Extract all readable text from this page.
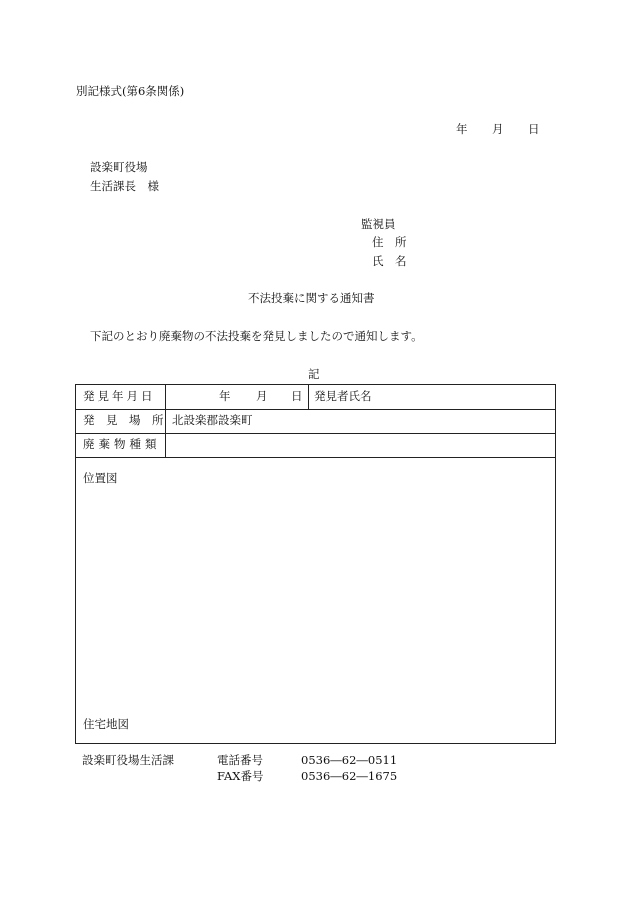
別記様式(第6条関係)
年 月 日
設楽町役場
生活課長　様
監視員
住　所
氏　名
不法投棄に関する通知書
下記のとおり廃棄物の不法投棄を発見しましたので通知します。
記
発見年月日	年 月 日 発見者氏名
発　見　場　所 北設楽郡設楽町
廃棄物種類
位置図
住宅地図
設楽町役場生活課	電話番号	0536―62―0511
FAX番号	0536―62―1675
